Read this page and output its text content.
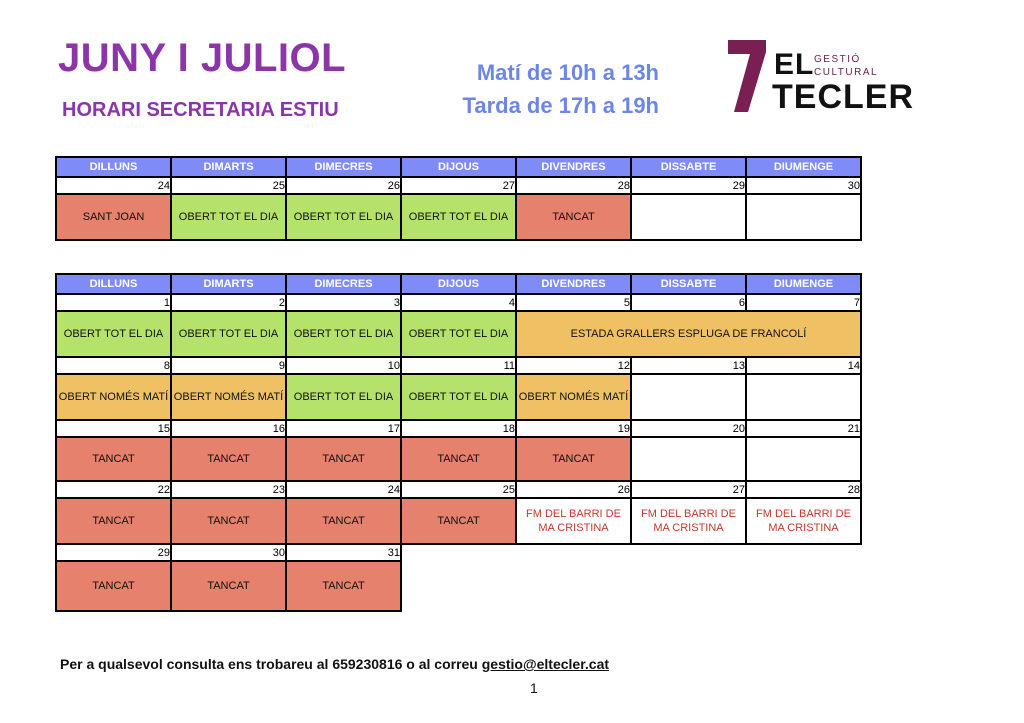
JUNY I JULIOL
HORARI SECRETARIA ESTIU
Matí de 10h a 13h
Tarda de 17h a 19h
EL GESTIÓ
CULTURAL
TECLER
DILLUNS	DIMARTS	DIMECRES	DIJOUS	DIVENDRES	DISSABTE	DIUMENGE
24	25	26	27	28	29	30
SANT JOAN	OBERT TOT EL DIA	OBERT TOT EL DIA	OBERT TOT EL DIA	TANCAT		
DILLUNS	DIMARTS	DIMECRES	DIJOUS	DIVENDRES	DISSABTE	DIUMENGE
1	2	3	4	5	6	7
OBERT TOT EL DIA	OBERT TOT EL DIA	OBERT TOT EL DIA	OBERT TOT EL DIA	ESTADA GRALLERS ESPLUGA DE FRANCOLÍ		
8	9	10	11	12	13	14
OBERT NOMÉS MATÍ	OBERT NOMÉS MATÍ	OBERT TOT EL DIA	OBERT TOT EL DIA	OBERT NOMÉS MATÍ		
15	16	17	18	19	20	21
TANCAT	TANCAT	TANCAT	TANCAT	TANCAT		
22	23	24	25	26	27	28
TANCAT	TANCAT	TANCAT	TANCAT	FM DEL BARRI DE MA CRISTINA	FM DEL BARRI DE MA CRISTINA	FM DEL BARRI DE MA CRISTINA
29	30	31				
TANCAT	TANCAT	TANCAT				
Per a qualsevol consulta ens trobareu al 659230816 o al correu gestio@eltecler.cat
1
